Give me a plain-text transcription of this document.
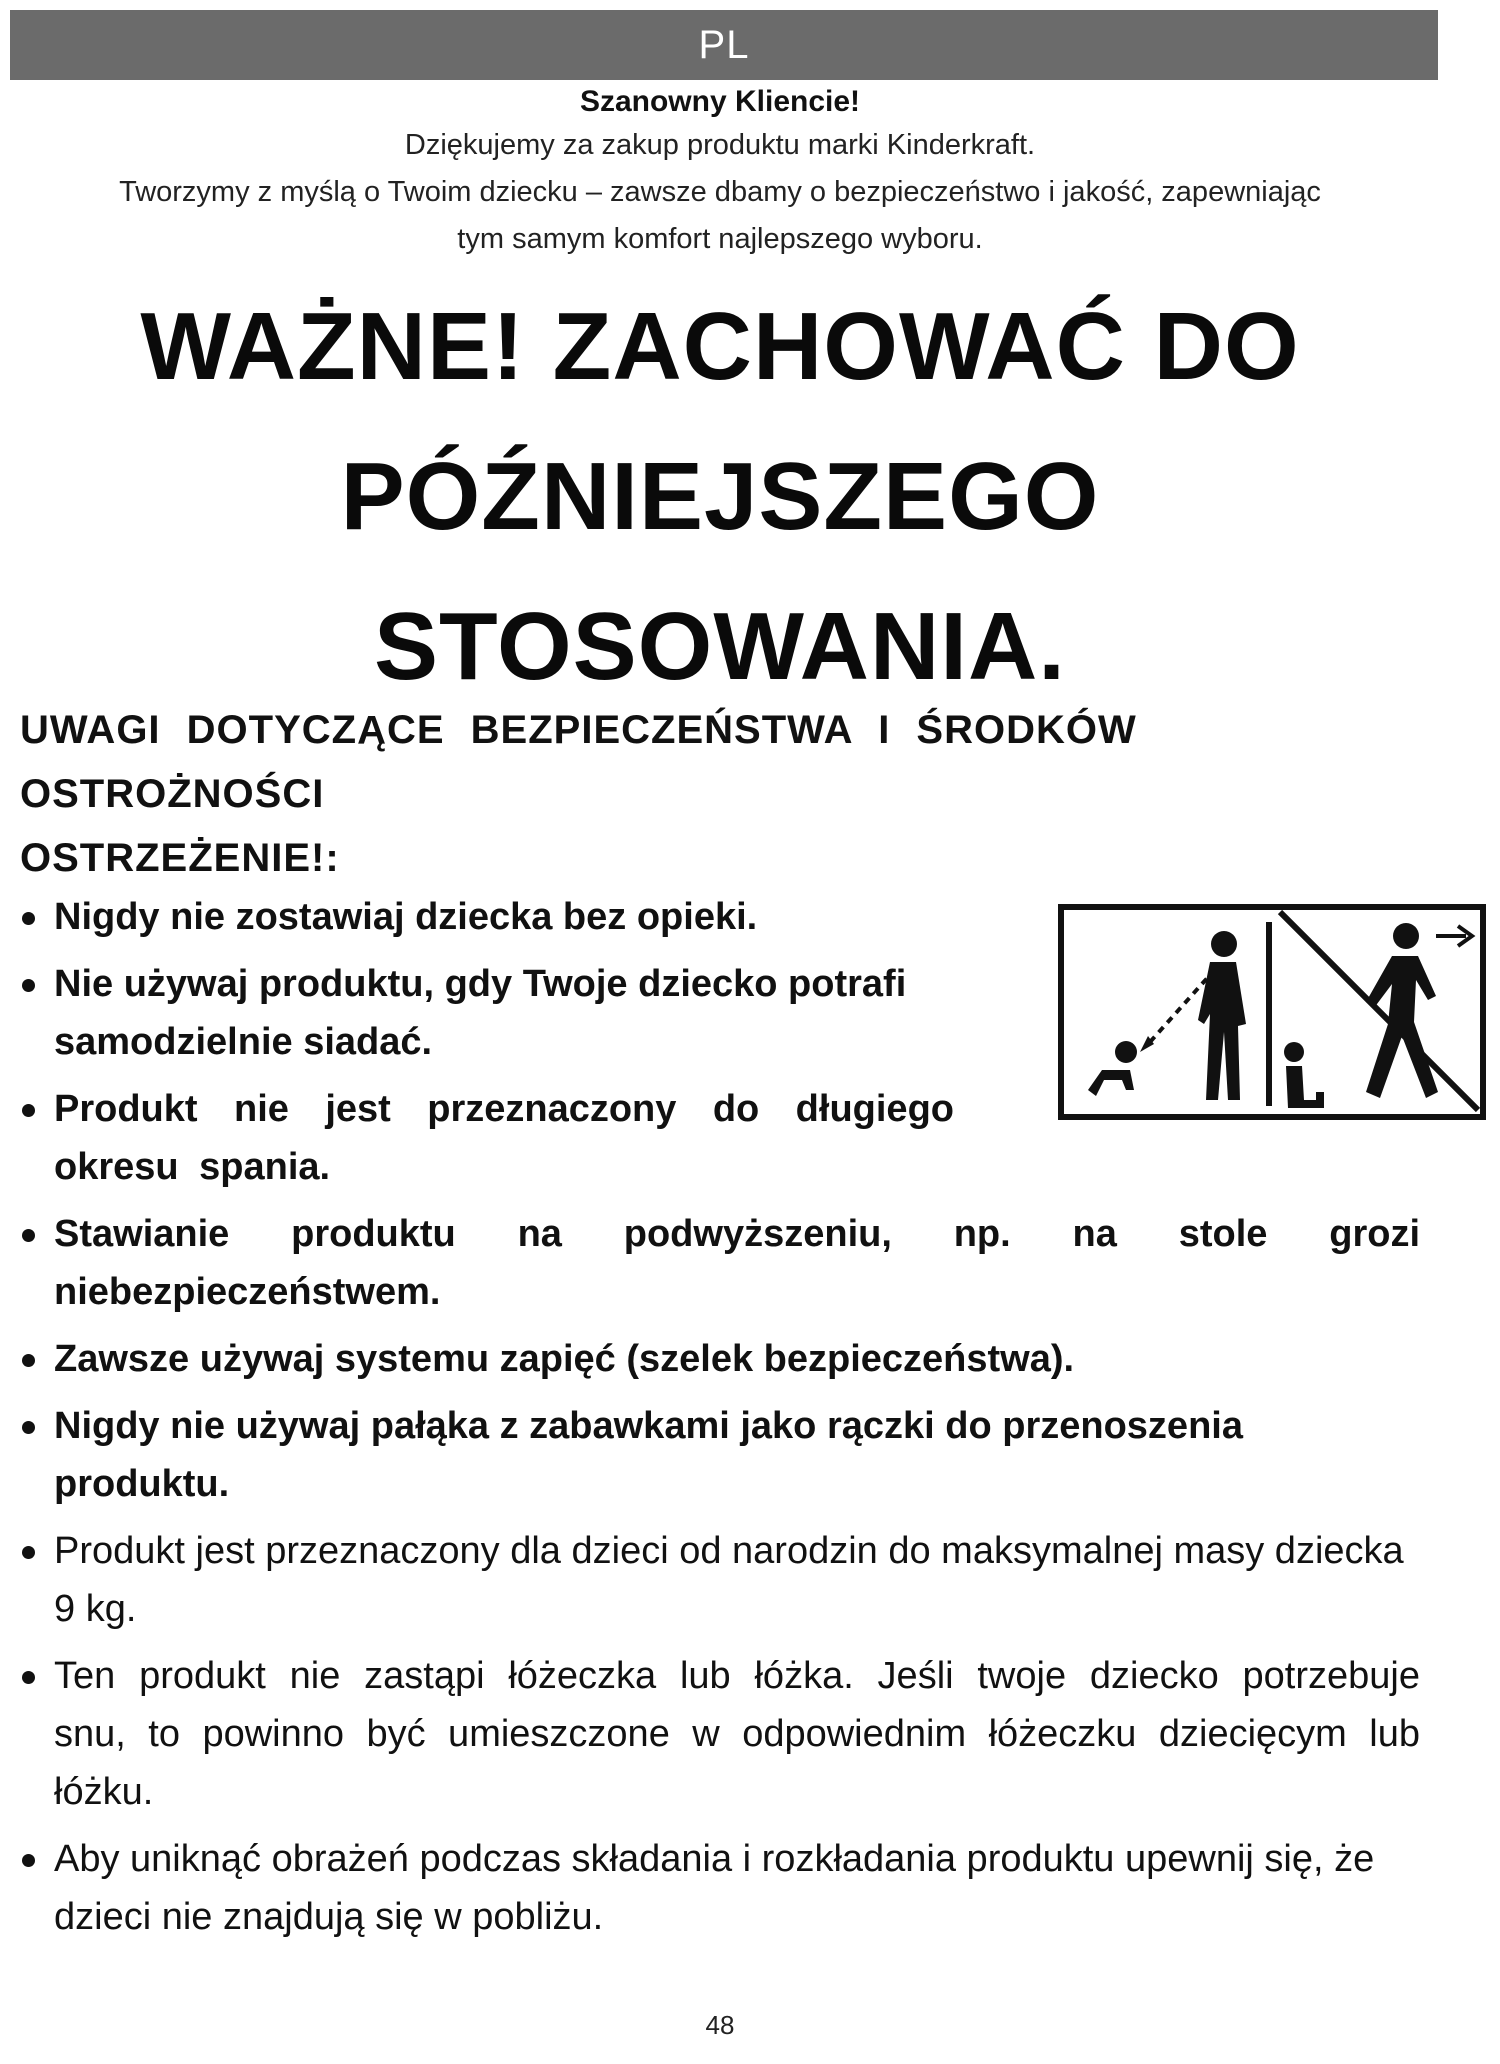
PL
Szanowny Kliencie!

Dziękujemy za zakup produktu marki Kinderkraft.

Tworzymy z myślą o Twoim dziecku – zawsze dbamy o bezpieczeństwo i jakość, zapewniając

tym samym komfort najlepszego wyboru.

WAŻNE! ZACHOWAĆ DO
PÓŹNIEJSZEGO
STOSOWANIA.
UWAGI DOTYCZĄCE BEZPIECZEŃSTWA I ŚRODKÓW
OSTROŻNOŚCI
OSTRZEŻENIE!:
Nigdy nie zostawiaj dziecka bez opieki.
Nie używaj produktu, gdy Twoje dziecko potrafi samodzielnie siadać.
Produkt nie jest przeznaczony do długiego okresu spania.
Stawianie produktu na podwyższeniu, np. na stole grozi niebezpieczeństwem.
Zawsze używaj systemu zapięć (szelek bezpieczeństwa).
Nigdy nie używaj pałąka z zabawkami jako rączki do przenoszenia produktu.
Produkt jest przeznaczony dla dzieci od narodzin do maksymalnej masy dziecka 9 kg.
Ten produkt nie zastąpi łóżeczka lub łóżka. Jeśli twoje dziecko potrzebuje snu, to powinno być umieszczone w odpowiednim łóżeczku dziecięcym lub łóżku.
Aby uniknąć obrażeń podczas składania i rozkładania produktu upewnij się, że dzieci nie znajdują się w pobliżu.
48
